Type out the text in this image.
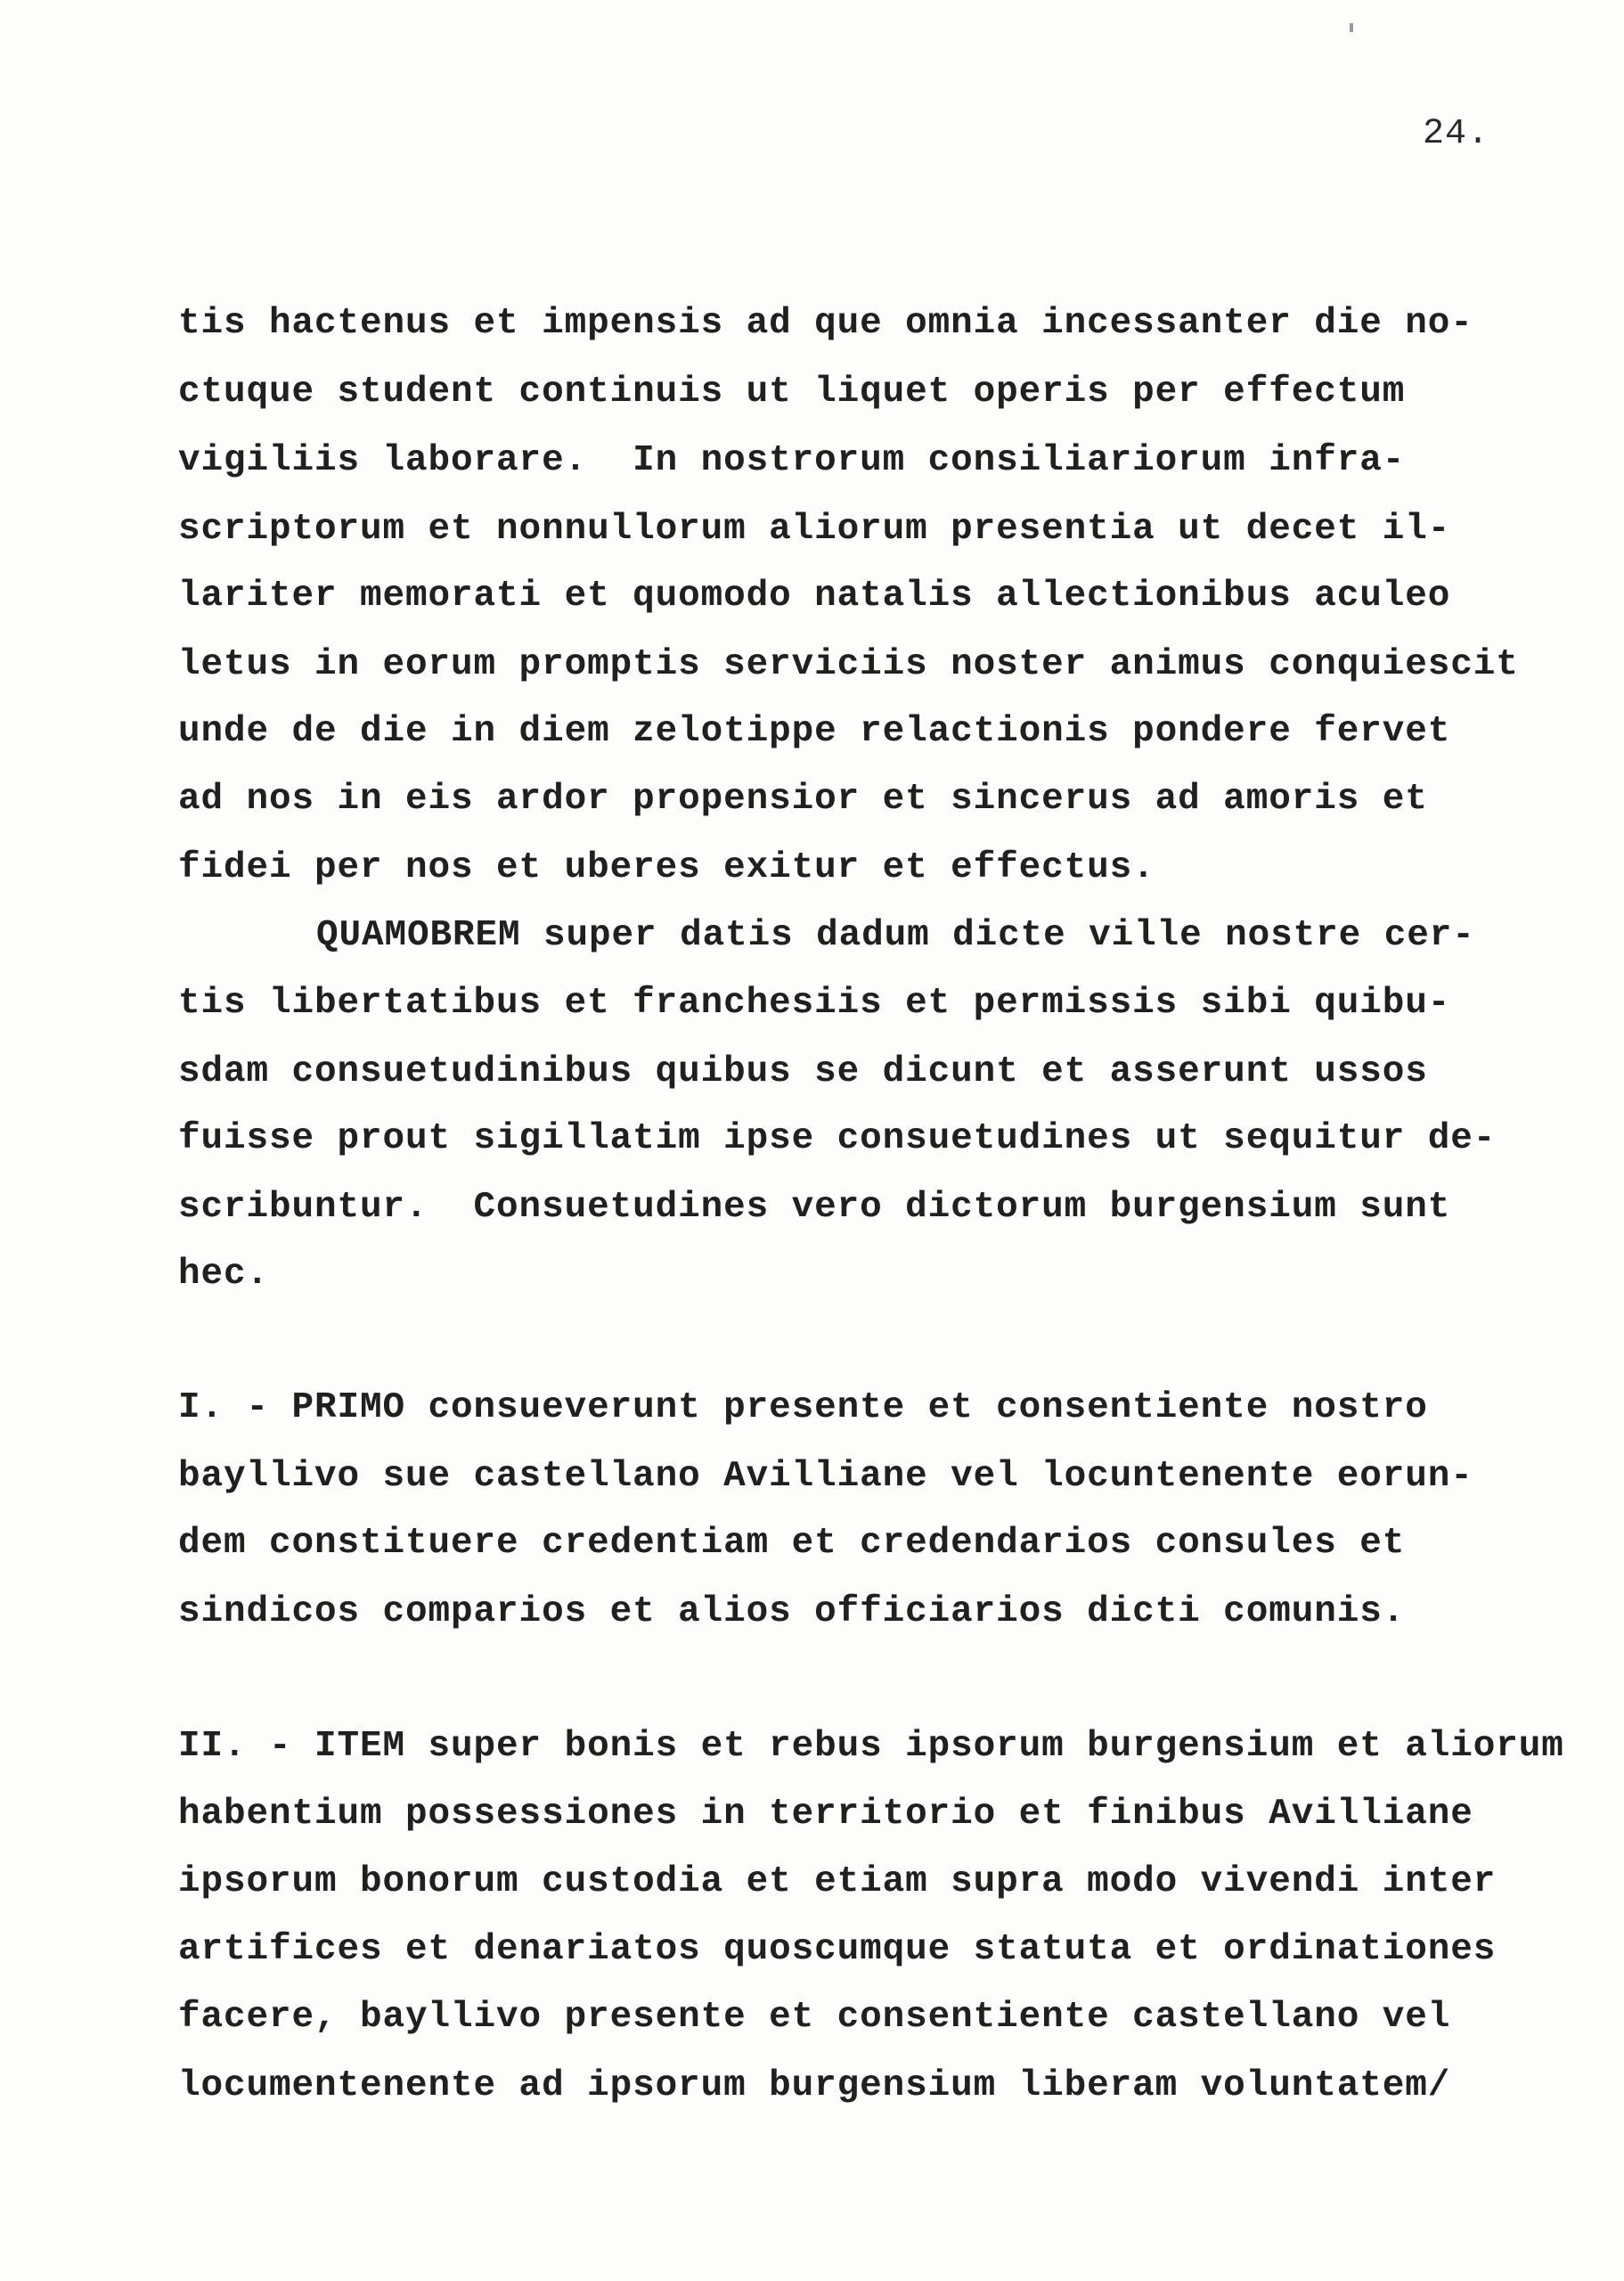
24.
tis hactenus et impensis ad que omnia incessanter die no-
ctuque student continuis ut liquet operis per effectum
vigiliis laborare.  In nostrorum consiliariorum infra-
scriptorum et nonnullorum aliorum presentia ut decet il-
lariter memorati et quomodo natalis allectionibus aculeo
letus in eorum promptis serviciis noster animus conquiescit
unde de die in diem zelotippe relactionis pondere fervet
ad nos in eis ardor propensior et sincerus ad amoris et
fidei per nos et uberes exitur et effectus.
QUAMOBREM super datis dadum dicte ville nostre cer-
tis libertatibus et franchesiis et permissis sibi quibu-
sdam consuetudinibus quibus se dicunt et asserunt ussos
fuisse prout sigillatim ipse consuetudines ut sequitur de-
scribuntur.  Consuetudines vero dictorum burgensium sunt
hec.
I. - PRIMO consueverunt presente et consentiente nostro
bayllivo sue castellano Avilliane vel locuntenente eorun-
dem constituere credentiam et credendarios consules et
sindicos comparios et alios officiarios dicti comunis.
II. - ITEM super bonis et rebus ipsorum burgensium et aliorum
habentium possessiones in territorio et finibus Avilliane
ipsorum bonorum custodia et etiam supra modo vivendi inter
artifices et denariatos quoscumque statuta et ordinationes
facere, bayllivo presente et consentiente castellano vel
locumentenente ad ipsorum burgensium liberam voluntatem/
